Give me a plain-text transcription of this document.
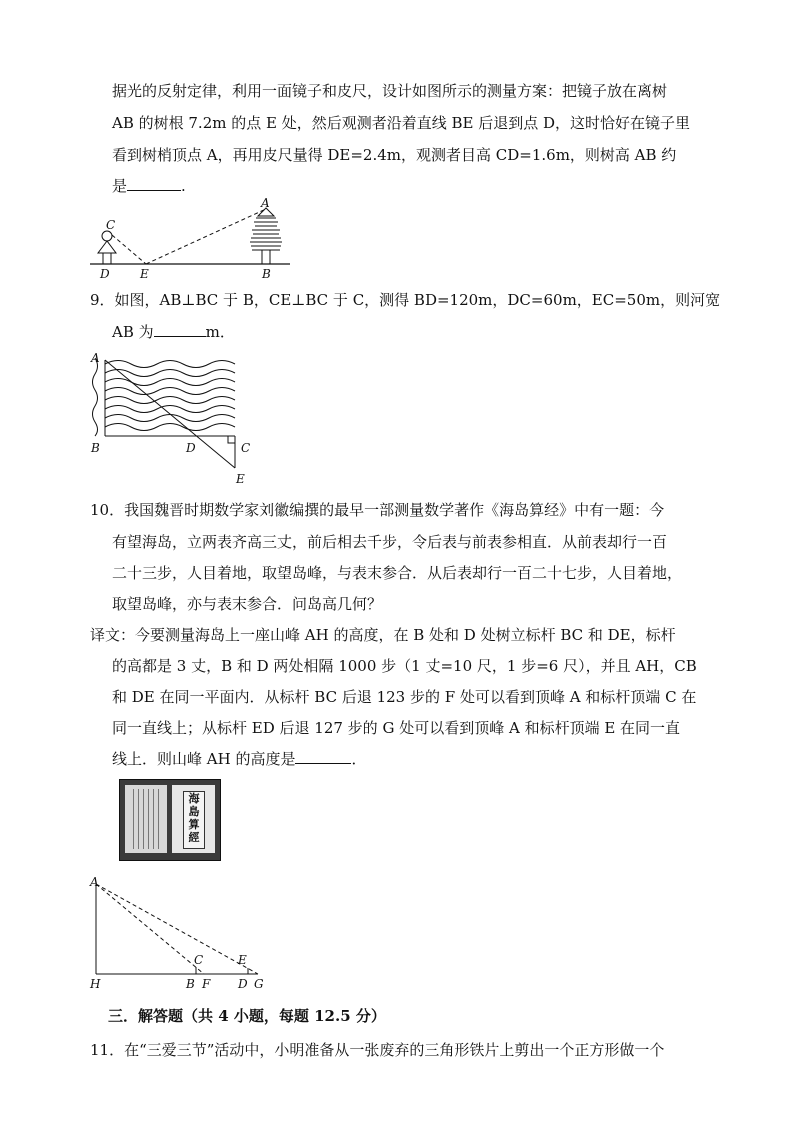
据光的反射定律，利用一面镜子和皮尺，设计如图所示的测量方案：把镜子放在离树
AB 的树根 7.2m 的点 E 处，然后观测者沿着直线 BE 后退到点 D，这时恰好在镜子里
看到树梢顶点 A，再用皮尺量得 DE=2.4m，观测者目高 CD=1.6m，则树高 AB 约
是	.
C
D	E
A
B
9．如图，AB⊥BC 于 B，CE⊥BC 于 C，测得 BD=120m，DC=60m，EC=50m，则河宽
AB 为	m．
A
B	D	C
E
10．我国魏晋时期数学家刘徽编撰的最早一部测量数学著作《海岛算经》中有一题：今
有望海岛，立两表齐高三丈，前后相去千步，令后表与前表参相直．从前表却行一百
二十三步，人目着地，取望岛峰，与表末参合．从后表却行一百二十七步，人目着地，
取望岛峰，亦与表末参合．问岛高几何？
译文：今要测量海岛上一座山峰 AH 的高度，在 B 处和 D 处树立标杆 BC 和 DE，标杆
的高都是 3 丈，B 和 D 两处相隔 1000 步（1 丈=10 尺，1 步=6 尺），并且 AH，CB
和 DE 在同一平面内．从标杆 BC 后退 123 步的 F 处可以看到顶峰 A 和标杆顶端 C 在
同一直线上；从标杆 ED 后退 127 步的 G 处可以看到顶峰 A 和标杆顶端 E 在同一直
线上．则山峰 AH 的高度是	．
海
島
算
經
A
H	B F
C
D
E
G
三．解答题（共 4 小题，每题 12.5 分）
11．在“三爱三节”活动中，小明准备从一张废弃的三角形铁片上剪出一个正方形做一个
